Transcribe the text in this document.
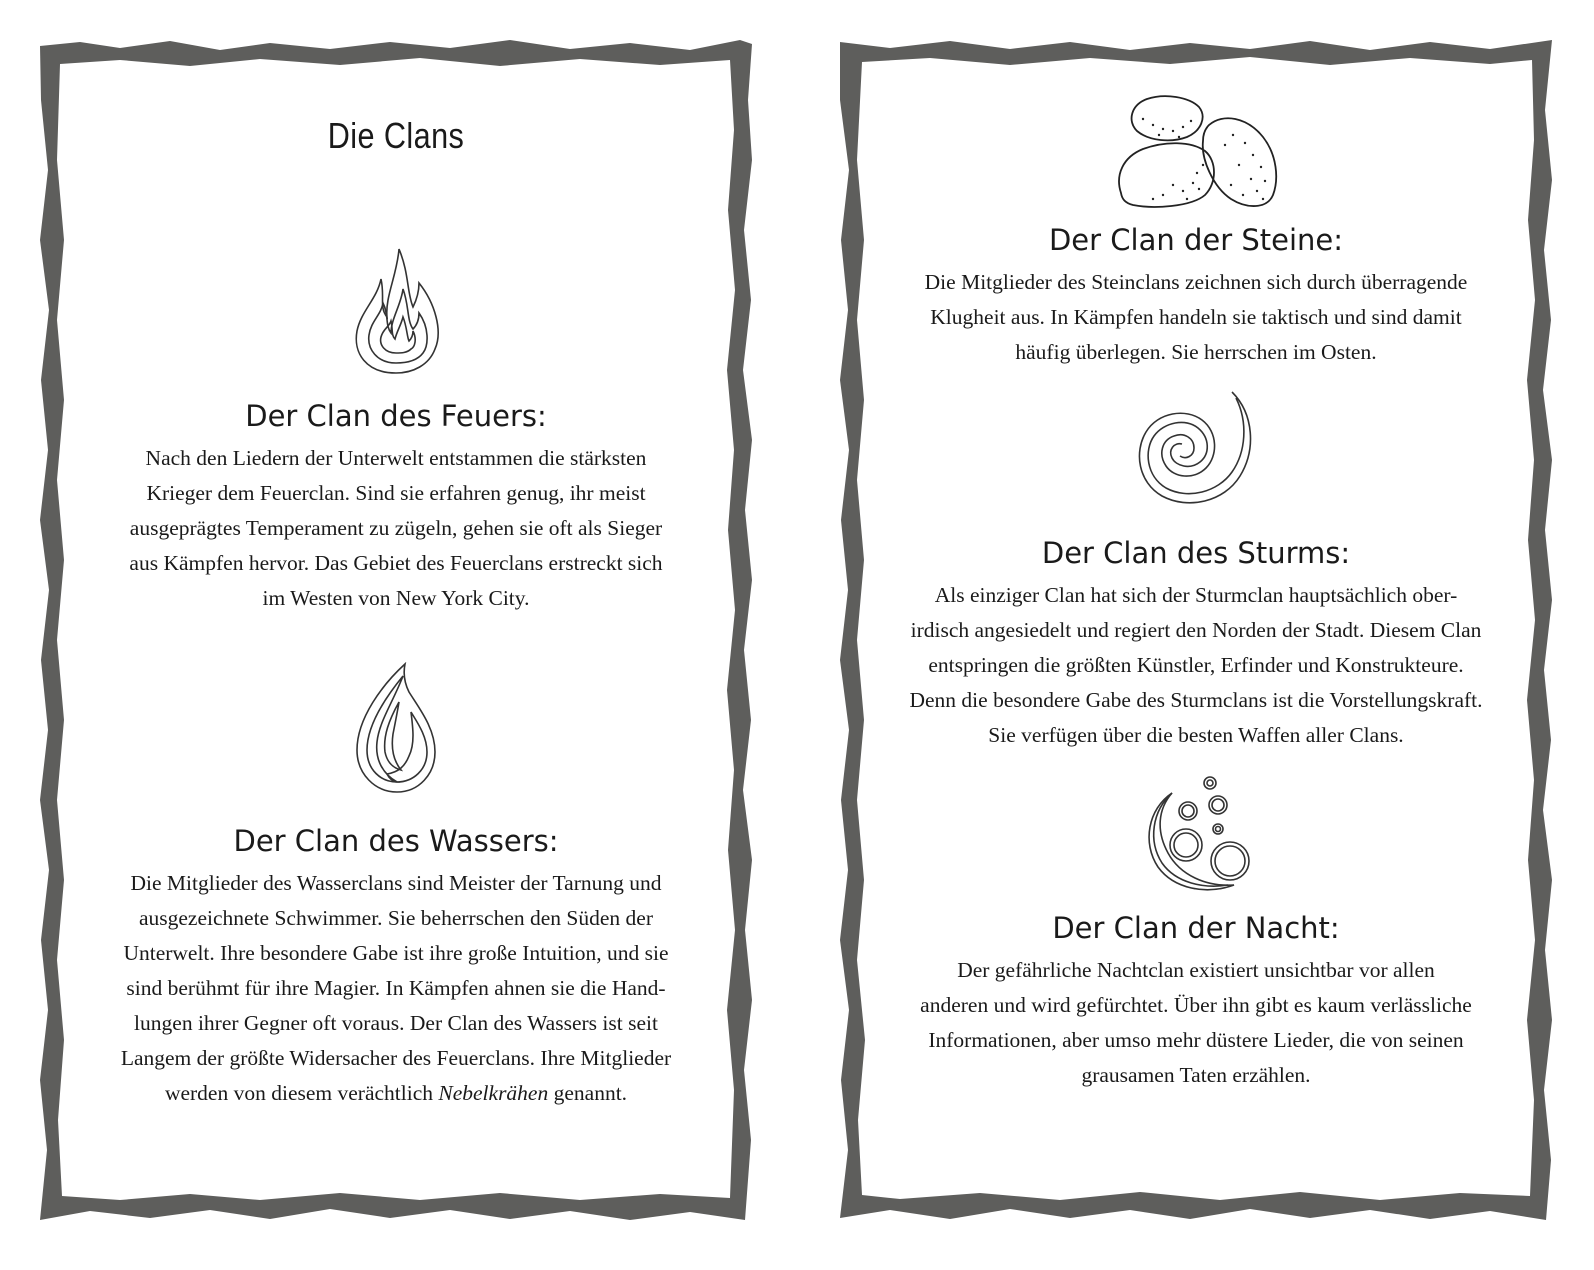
Die Clans
Der Clan des Feuers:

Nach den Liedern der Unterwelt entstammen die stärksten
Krieger dem Feuerclan. Sind sie erfahren genug, ihr meist
ausgeprägtes Temperament zu zügeln, gehen sie oft als Sieger
aus Kämpfen hervor. Das Gebiet des Feuerclans erstreckt sich
im Westen von New York City.

Der Clan des Wassers:

Die Mitglieder des Wasserclans sind Meister der Tarnung und
ausgezeichnete Schwimmer. Sie beherrschen den Süden der
Unterwelt. Ihre besondere Gabe ist ihre große Intuition, und sie
sind berühmt für ihre Magier. In Kämpfen ahnen sie die Hand-
lungen ihrer Gegner oft voraus. Der Clan des Wassers ist seit
Langem der größte Widersacher des Feuerclans. Ihre Mitglieder
werden von diesem verächtlich Nebelkrähen genannt.

Der Clan der Steine:

Die Mitglieder des Steinclans zeichnen sich durch überragende
Klugheit aus. In Kämpfen handeln sie taktisch und sind damit
häufig überlegen. Sie herrschen im Osten.

Der Clan des Sturms:

Als einziger Clan hat sich der Sturmclan hauptsächlich ober-
irdisch angesiedelt und regiert den Norden der Stadt. Diesem Clan
entspringen die größten Künstler, Erfinder und Konstrukteure.
Denn die besondere Gabe des Sturmclans ist die Vorstellungskraft.
Sie verfügen über die besten Waffen aller Clans.

Der Clan der Nacht:

Der gefährliche Nachtclan existiert unsichtbar vor allen
anderen und wird gefürchtet. Über ihn gibt es kaum verlässliche
Informationen, aber umso mehr düstere Lieder, die von seinen
grausamen Taten erzählen.
